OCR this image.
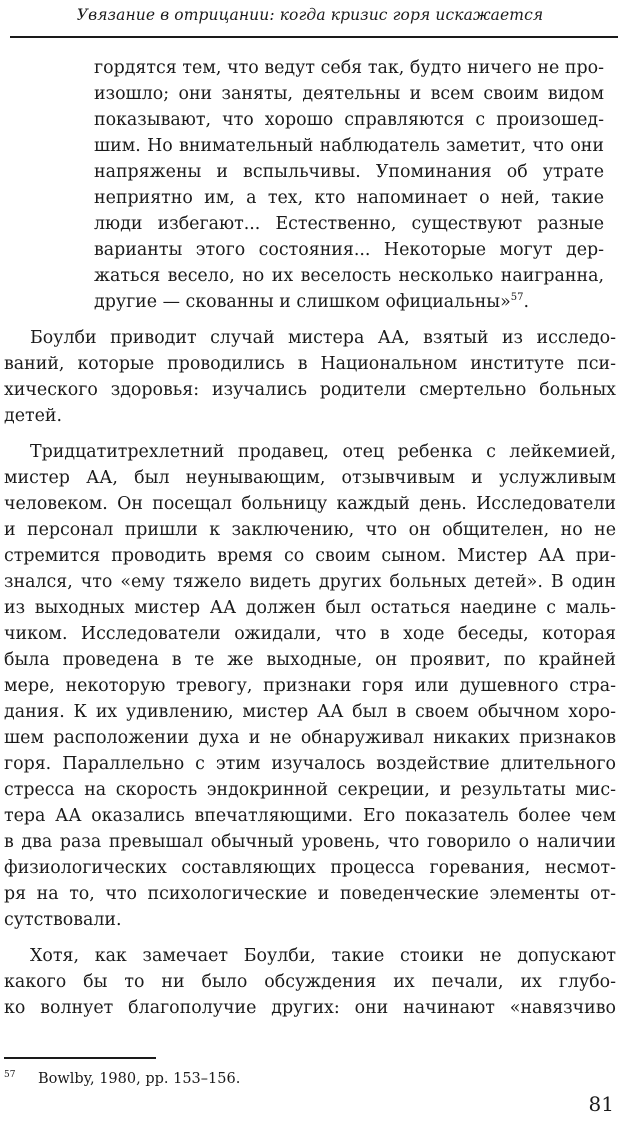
Увязание в отрицании: когда кризис горя искажается
гордятся тем, что ведут себя так, будто ничего не про-
изошло; они заняты, деятельны и всем своим видом
показывают, что хорошо справляются с произошед-
шим. Но внимательный наблюдатель заметит, что они
напряжены и вспыльчивы. Упоминания об утрате
неприятно им, а тех, кто напоминает о ней, такие
люди избегают... Естественно, существуют разные
варианты этого состояния... Некоторые могут дер-
жаться весело, но их веселость несколько наигранна,
другие — скованны и слишком официальны»$^{57}$.
Боулби приводит случай мистера АА, взятый из исследо-
ваний, которые проводились в Национальном институте пси-
хического здоровья: изучались родители смертельно больных
детей.
Тридцатитрехлетний продавец, отец ребенка с лейкемией,
мистер АА, был неунывающим, отзывчивым и услужливым
человеком. Он посещал больницу каждый день. Исследователи
и персонал пришли к заключению, что он общителен, но не
стремится проводить время со своим сыном. Мистер АА при-
знался, что «ему тяжело видеть других больных детей». В один
из выходных мистер АА должен был остаться наедине с маль-
чиком. Исследователи ожидали, что в ходе беседы, которая
была проведена в те же выходные, он проявит, по крайней
мере, некоторую тревогу, признаки горя или душевного стра-
дания. К их удивлению, мистер АА был в своем обычном хоро-
шем расположении духа и не обнаруживал никаких признаков
горя. Параллельно с этим изучалось воздействие длительного
стресса на скорость эндокринной секреции, и результаты мис-
тера АА оказались впечатляющими. Его показатель более чем
в два раза превышал обычный уровень, что говорило о наличии
физиологических составляющих процесса горевания, несмот-
ря на то, что психологические и поведенческие элементы от-
сутствовали.
Хотя, как замечает Боулби, такие стоики не допускают
какого бы то ни было обсуждения их печали, их глубо-
ко волнует благополучие других: они начинают «навязчиво
57 Bowlby, 1980, pp. 153–156.
81
